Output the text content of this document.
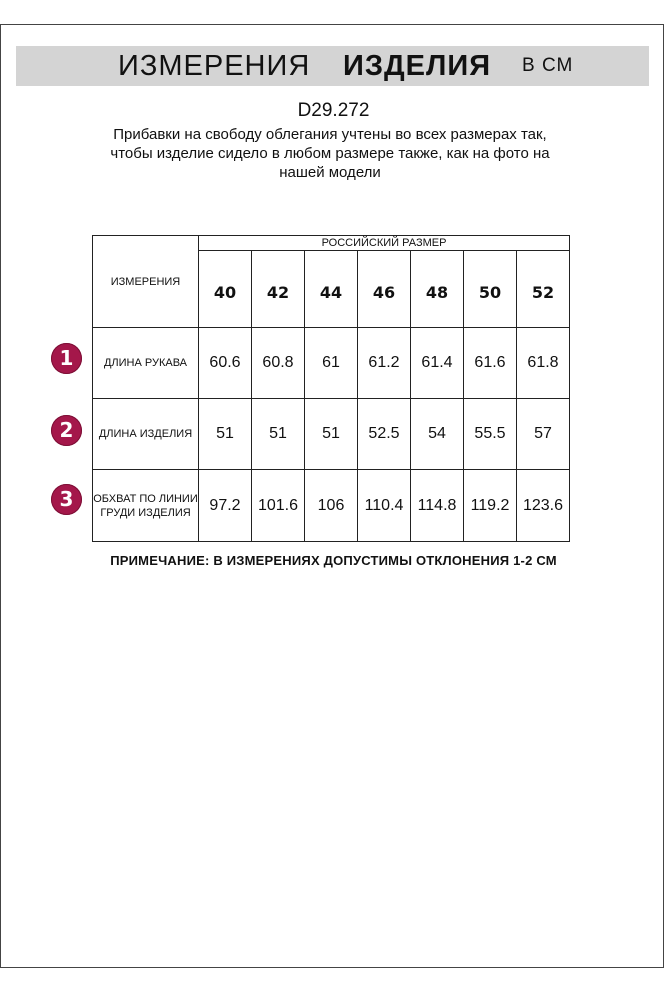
ИЗМЕРЕНИЯ ИЗДЕЛИЯ В СМ
D29.272
Прибавки на свободу облегания учтены во всех размерах так, чтобы изделие сидело в любом размере также, как на фото на нашей модели
ИЗМЕРЕНИЯ	РОССИЙСКИЙ РАЗМЕР						
	40	42	44	46	48	50	52
ДЛИНА РУКАВА	60.6	60.8	61	61.2	61.4	61.6	61.8
ДЛИНА ИЗДЕЛИЯ	51	51	51	52.5	54	55.5	57
ОБХВАТ ПО ЛИНИИ ГРУДИ ИЗДЕЛИЯ	97.2	101.6	106	110.4	114.8	119.2	123.6
1
2
3
ПРИМЕЧАНИЕ: В ИЗМЕРЕНИЯХ ДОПУСТИМЫ ОТКЛОНЕНИЯ 1-2 СМ
